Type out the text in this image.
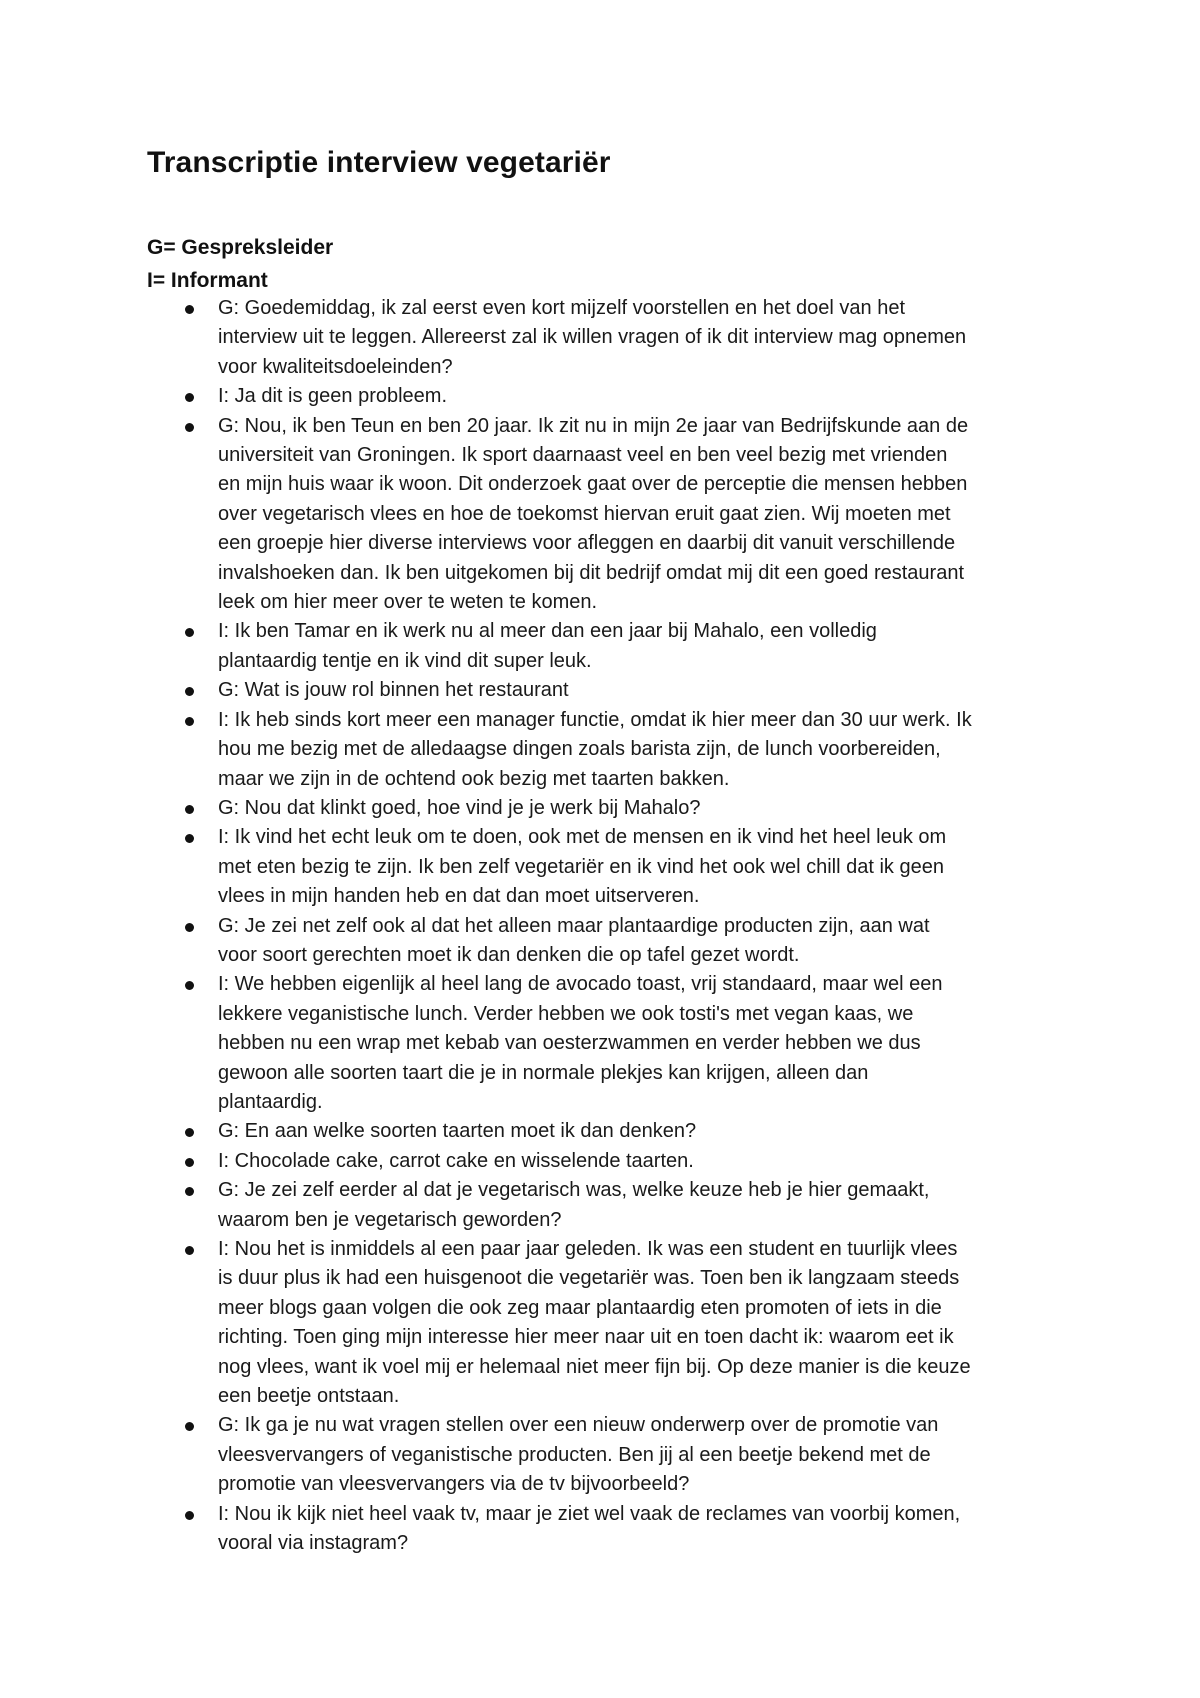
Transcriptie interview vegetariër
G= Gespreksleider
I= Informant
G: Goedemiddag, ik zal eerst even kort mijzelf voorstellen en het doel van het
interview uit te leggen. Allereerst zal ik willen vragen of ik dit interview mag opnemen
voor kwaliteitsdoeleinden?
I: Ja dit is geen probleem.
G: Nou, ik ben Teun en ben 20 jaar. Ik zit nu in mijn 2e jaar van Bedrijfskunde aan de
universiteit van Groningen. Ik sport daarnaast veel en ben veel bezig met vrienden
en mijn huis waar ik woon. Dit onderzoek gaat over de perceptie die mensen hebben
over vegetarisch vlees en hoe de toekomst hiervan eruit gaat zien. Wij moeten met
een groepje hier diverse interviews voor afleggen en daarbij dit vanuit verschillende
invalshoeken dan. Ik ben uitgekomen bij dit bedrijf omdat mij dit een goed restaurant
leek om hier meer over te weten te komen.
I: Ik ben Tamar en ik werk nu al meer dan een jaar bij Mahalo, een volledig
plantaardig tentje en ik vind dit super leuk.
G: Wat is jouw rol binnen het restaurant
I: Ik heb sinds kort meer een manager functie, omdat ik hier meer dan 30 uur werk. Ik
hou me bezig met de alledaagse dingen zoals barista zijn, de lunch voorbereiden,
maar we zijn in de ochtend ook bezig met taarten bakken.
G: Nou dat klinkt goed, hoe vind je je werk bij Mahalo?
I: Ik vind het echt leuk om te doen, ook met de mensen en ik vind het heel leuk om
met eten bezig te zijn. Ik ben zelf vegetariër en ik vind het ook wel chill dat ik geen
vlees in mijn handen heb en dat dan moet uitserveren.
G: Je zei net zelf ook al dat het alleen maar plantaardige producten zijn, aan wat
voor soort gerechten moet ik dan denken die op tafel gezet wordt.
I: We hebben eigenlijk al heel lang de avocado toast, vrij standaard, maar wel een
lekkere veganistische lunch. Verder hebben we ook tosti's met vegan kaas, we
hebben nu een wrap met kebab van oesterzwammen en verder hebben we dus
gewoon alle soorten taart die je in normale plekjes kan krijgen, alleen dan
plantaardig.
G: En aan welke soorten taarten moet ik dan denken?
I: Chocolade cake, carrot cake en wisselende taarten.
G: Je zei zelf eerder al dat je vegetarisch was, welke keuze heb je hier gemaakt,
waarom ben je vegetarisch geworden?
I: Nou het is inmiddels al een paar jaar geleden. Ik was een student en tuurlijk vlees
is duur plus ik had een huisgenoot die vegetariër was. Toen ben ik langzaam steeds
meer blogs gaan volgen die ook zeg maar plantaardig eten promoten of iets in die
richting. Toen ging mijn interesse hier meer naar uit en toen dacht ik: waarom eet ik
nog vlees, want ik voel mij er helemaal niet meer fijn bij. Op deze manier is die keuze
een beetje ontstaan.
G: Ik ga je nu wat vragen stellen over een nieuw onderwerp over de promotie van
vleesvervangers of veganistische producten. Ben jij al een beetje bekend met de
promotie van vleesvervangers via de tv bijvoorbeeld?
I: Nou ik kijk niet heel vaak tv, maar je ziet wel vaak de reclames van voorbij komen,
vooral via instagram?
